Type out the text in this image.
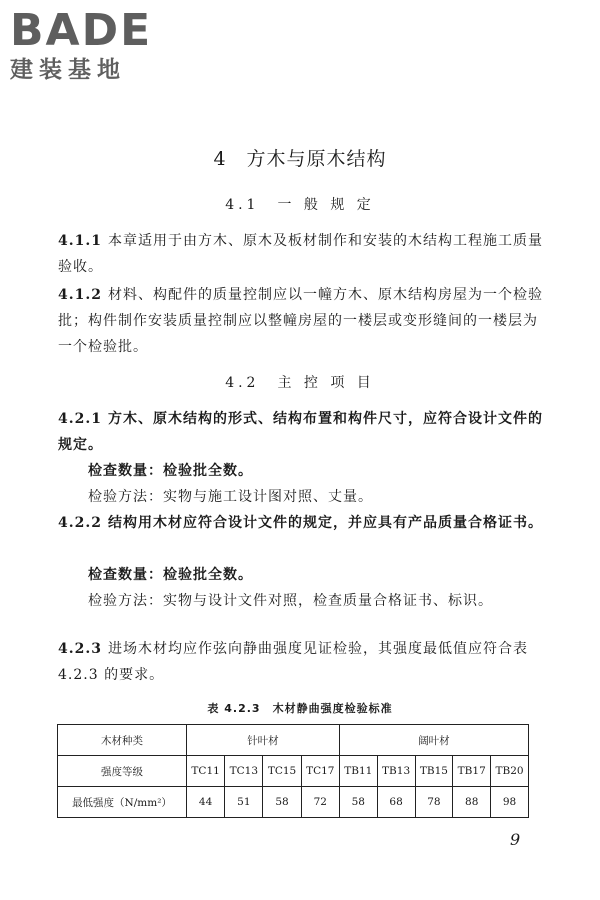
BADE
建装基地
4　方木与原木结构
4.1　一 般 规 定
4.1.1 本章适用于由方木、原木及板材制作和安装的木结构工程施工质量验收。
4.1.2 材料、构配件的质量控制应以一幢方木、原木结构房屋为一个检验批；构件制作安装质量控制应以整幢房屋的一楼层或变形缝间的一楼层为一个检验批。
4.2　主 控 项 目
4.2.1 方木、原木结构的形式、结构布置和构件尺寸，应符合设计文件的规定。
检查数量：检验批全数。
检验方法：实物与施工设计图对照、丈量。
4.2.2 结构用木材应符合设计文件的规定，并应具有产品质量合格证书。
检查数量：检验批全数。
检验方法：实物与设计文件对照，检查质量合格证书、标识。
4.2.3 进场木材均应作弦向静曲强度见证检验，其强度最低值应符合表 4.2.3 的要求。
表 4.2.3　木材静曲强度检验标准
木材种类	针叶材				阔叶材				
强度等级	TC11	TC13	TC15	TC17	TB11	TB13	TB15	TB17	TB20
最低强度（N/mm²）	44	51	58	72	58	68	78	88	98
9
